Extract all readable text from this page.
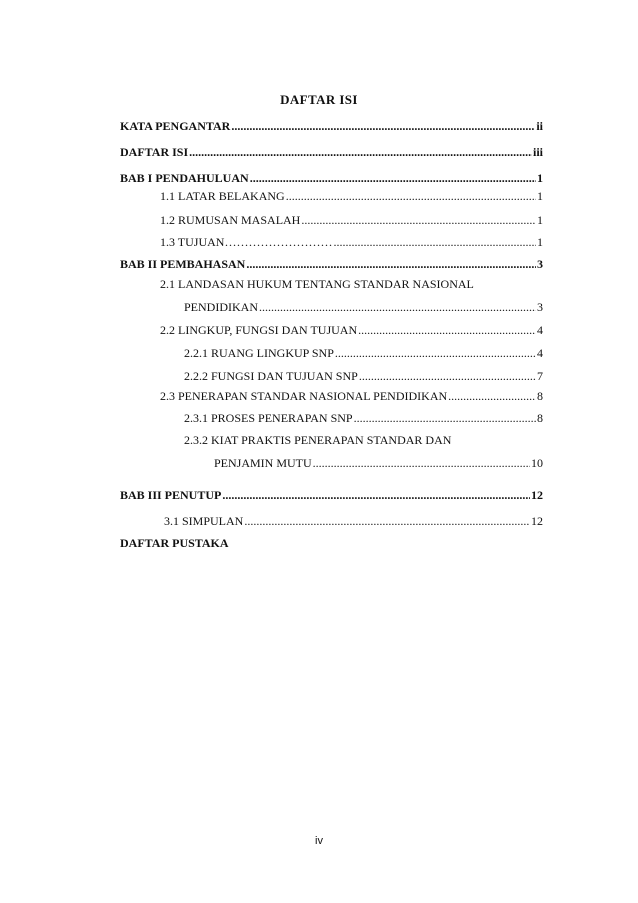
DAFTAR ISI
KATA PENGANTAR .....	ii
DAFTAR ISI .....	iii
BAB I PENDAHULUAN .....	1
1.1 LATAR BELAKANG .....	1
1.2 RUMUSAN MASALAH .....	1
1.3 TUJUAN……………………… .....	1
BAB II PEMBAHASAN .....	3
2.1 LANDASAN HUKUM TENTANG STANDAR NASIONAL
PENDIDIKAN .....	3
2.2 LINGKUP, FUNGSI DAN TUJUAN .....	4
2.2.1 RUANG LINGKUP SNP .....	4
2.2.2 FUNGSI DAN TUJUAN SNP .....	7
2.3 PENERAPAN STANDAR NASIONAL PENDIDIKAN .....	8
2.3.1 PROSES PENERAPAN SNP .....	8
2.3.2 KIAT PRAKTIS PENERAPAN STANDAR DAN
PENJAMIN MUTU .....	10
BAB III PENUTUP .....	12
3.1 SIMPULAN .....	12
DAFTAR PUSTAKA
iv
